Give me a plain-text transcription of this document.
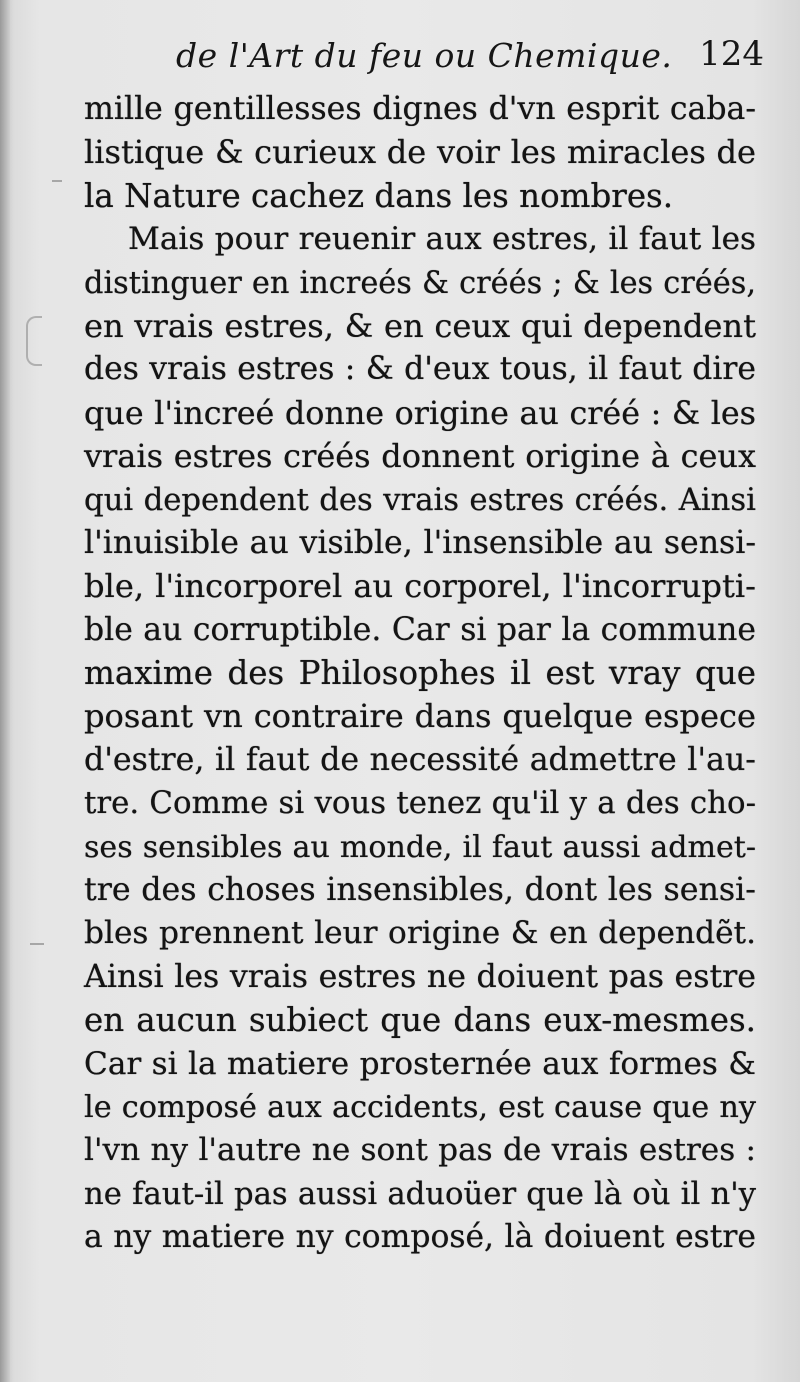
de l'Art du feu ou Chemique. 124
mille gentillesses dignes d'vn esprit caba-
listique & curieux de voir les miracles de
la Nature cachez dans les nombres.
Mais pour reuenir aux estres, il faut les
distinguer en increés & créés ; & les créés,
en vrais estres, & en ceux qui dependent
des vrais estres : & d'eux tous, il faut dire
que l'increé donne origine au créé : & les
vrais estres créés donnent origine à ceux
qui dependent des vrais estres créés. Ainsi
l'inuisible au visible, l'insensible au sensi-
ble, l'incorporel au corporel, l'incorrupti-
ble au corruptible. Car si par la commune
maxime des Philosophes il est vray que
posant vn contraire dans quelque espece
d'estre, il faut de necessité admettre l'au-
tre. Comme si vous tenez qu'il y a des cho-
ses sensibles au monde, il faut aussi admet-
tre des choses insensibles, dont les sensi-
bles prennent leur origine & en dependẽt.
Ainsi les vrais estres ne doiuent pas estre
en aucun subiect que dans eux-mesmes.
Car si la matiere prosternée aux formes &
le composé aux accidents, est cause que ny
l'vn ny l'autre ne sont pas de vrais estres :
ne faut-il pas aussi aduoüer que là où il n'y
a ny matiere ny composé, là doiuent estre
